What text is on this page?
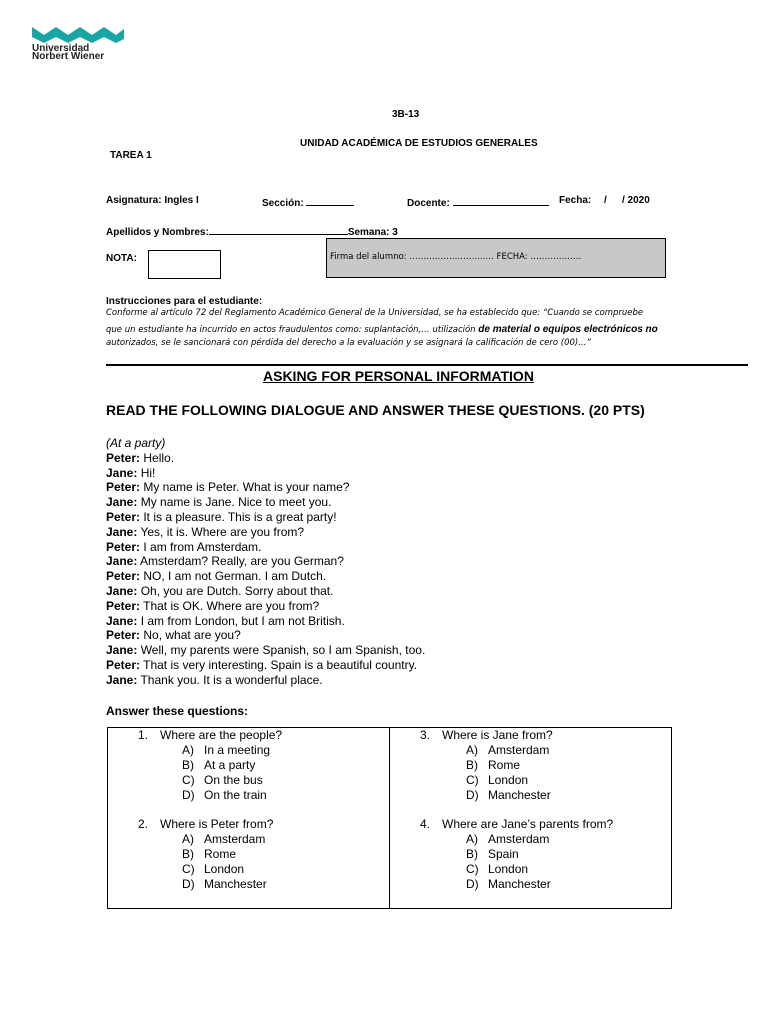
Universidad
Norbert Wiener
3B-13
UNIDAD ACADÉMICA DE ESTUDIOS GENERALES
TAREA 1
Asignatura: Ingles I	Sección:	Docente:	Fecha: / / 2020
Apellidos y Nombres:	Semana: 3
NOTA:	Firma del alumno: ……………………...… FECHA: ………………
Instrucciones para el estudiante:
Conforme al artículo 72 del Reglamento Académico General de la Universidad, se ha establecido que: “Cuando se compruebe
que un estudiante ha incurrido en actos fraudulentos como: suplantación,… utilización de material o equipos electrónicos no
autorizados, se le sancionará con pérdida del derecho a la evaluación y se asignará la calificación de cero (00)...”
ASKING FOR PERSONAL INFORMATION
READ THE FOLLOWING DIALOGUE AND ANSWER THESE QUESTIONS. (20 PTS)
(At a party)
Peter: Hello.
Jane: Hi!
Peter: My name is Peter. What is your name?
Jane: My name is Jane. Nice to meet you.
Peter: It is a pleasure. This is a great party!
Jane: Yes, it is. Where are you from?
Peter: I am from Amsterdam.
Jane: Amsterdam? Really, are you German?
Peter: NO, I am not German. I am Dutch.
Jane: Oh, you are Dutch. Sorry about that.
Peter: That is OK. Where are you from?
Jane: I am from London, but I am not British.
Peter: No, what are you?
Jane: Well, my parents were Spanish, so I am Spanish, too.
Peter: That is very interesting. Spain is a beautiful country.
Jane: Thank you. It is a wonderful place.
Answer these questions:
1. Where are the people?
A) In a meeting
B) At a party
C) On the bus
D) On the train
2. Where is Peter from?
A) Amsterdam
B) Rome
C) London
D) Manchester
3. Where is Jane from?
A) Amsterdam
B) Rome
C) London
D) Manchester
4. Where are Jane’s parents from?
A) Amsterdam
B) Spain
C) London
D) Manchester
